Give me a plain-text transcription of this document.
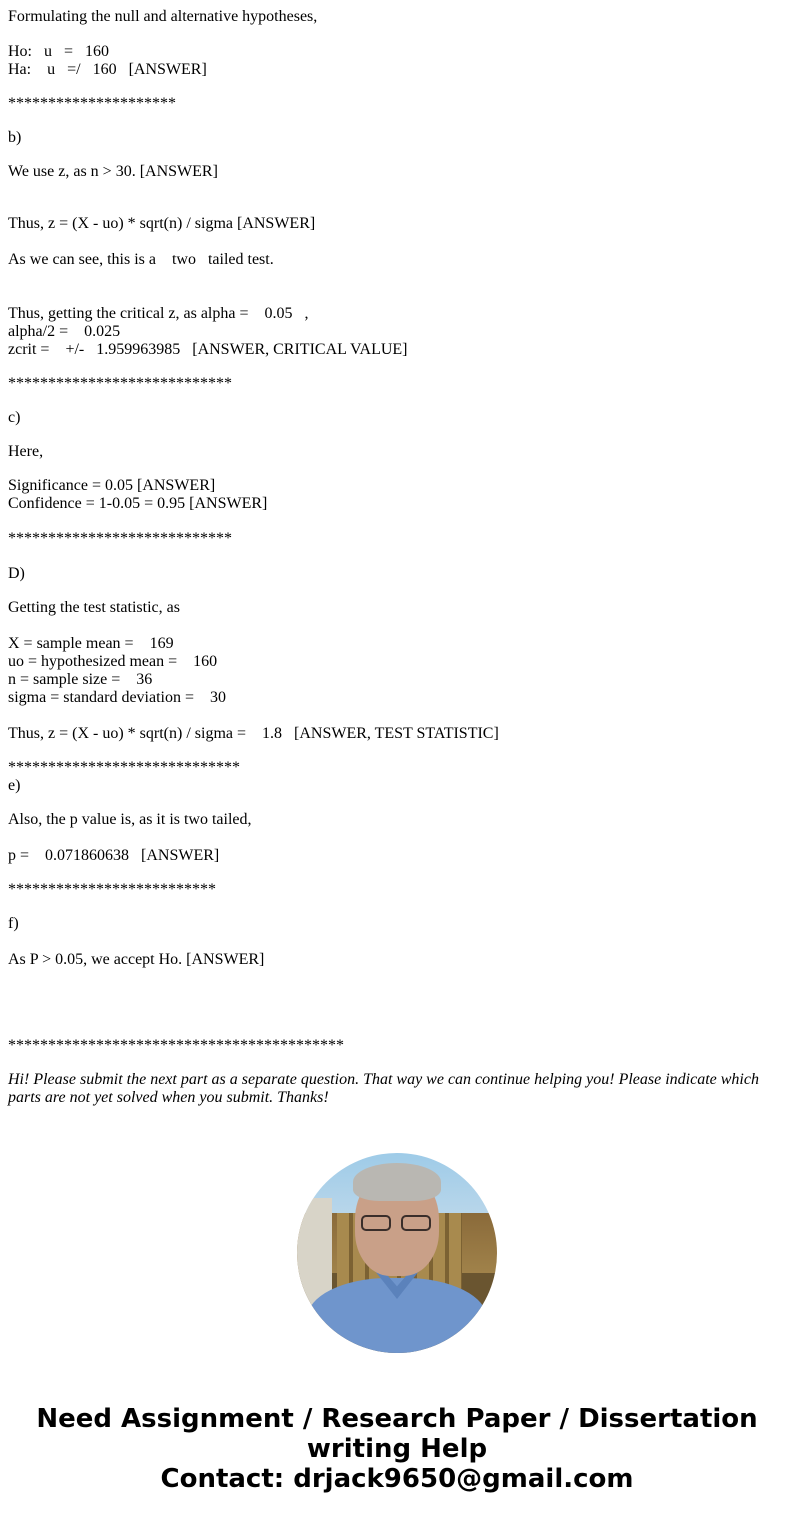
Formulating the null and alternative hypotheses,

Ho:   u   =   160

Ha:    u   =/   160   [ANSWER]

*********************

b)

We use z, as n > 30. [ANSWER]

Thus, z = (X - uo) * sqrt(n) / sigma [ANSWER]

As we can see, this is a    two   tailed test.

Thus, getting the critical z, as alpha =    0.05   ,

alpha/2 =    0.025

zcrit =    +/-   1.959963985   [ANSWER, CRITICAL VALUE]

****************************

c)

Here,

Significance = 0.05 [ANSWER]

Confidence = 1-0.05 = 0.95 [ANSWER]

****************************

D)

Getting the test statistic, as

X = sample mean =    169

uo = hypothesized mean =    160

n = sample size =    36

sigma = standard deviation =    30

Thus, z = (X - uo) * sqrt(n) / sigma =    1.8   [ANSWER, TEST STATISTIC]

*****************************

e)

Also, the p value is, as it is two tailed,

p =    0.071860638   [ANSWER]

**************************

f)

As P > 0.05, we accept Ho. [ANSWER]

******************************************

Hi! Please submit the next part as a separate question. That way we can continue helping you! Please indicate which parts are not yet solved when you submit. Thanks!
Need Assignment / Research Paper / Dissertation
writing Help
Contact: drjack9650@gmail.com
